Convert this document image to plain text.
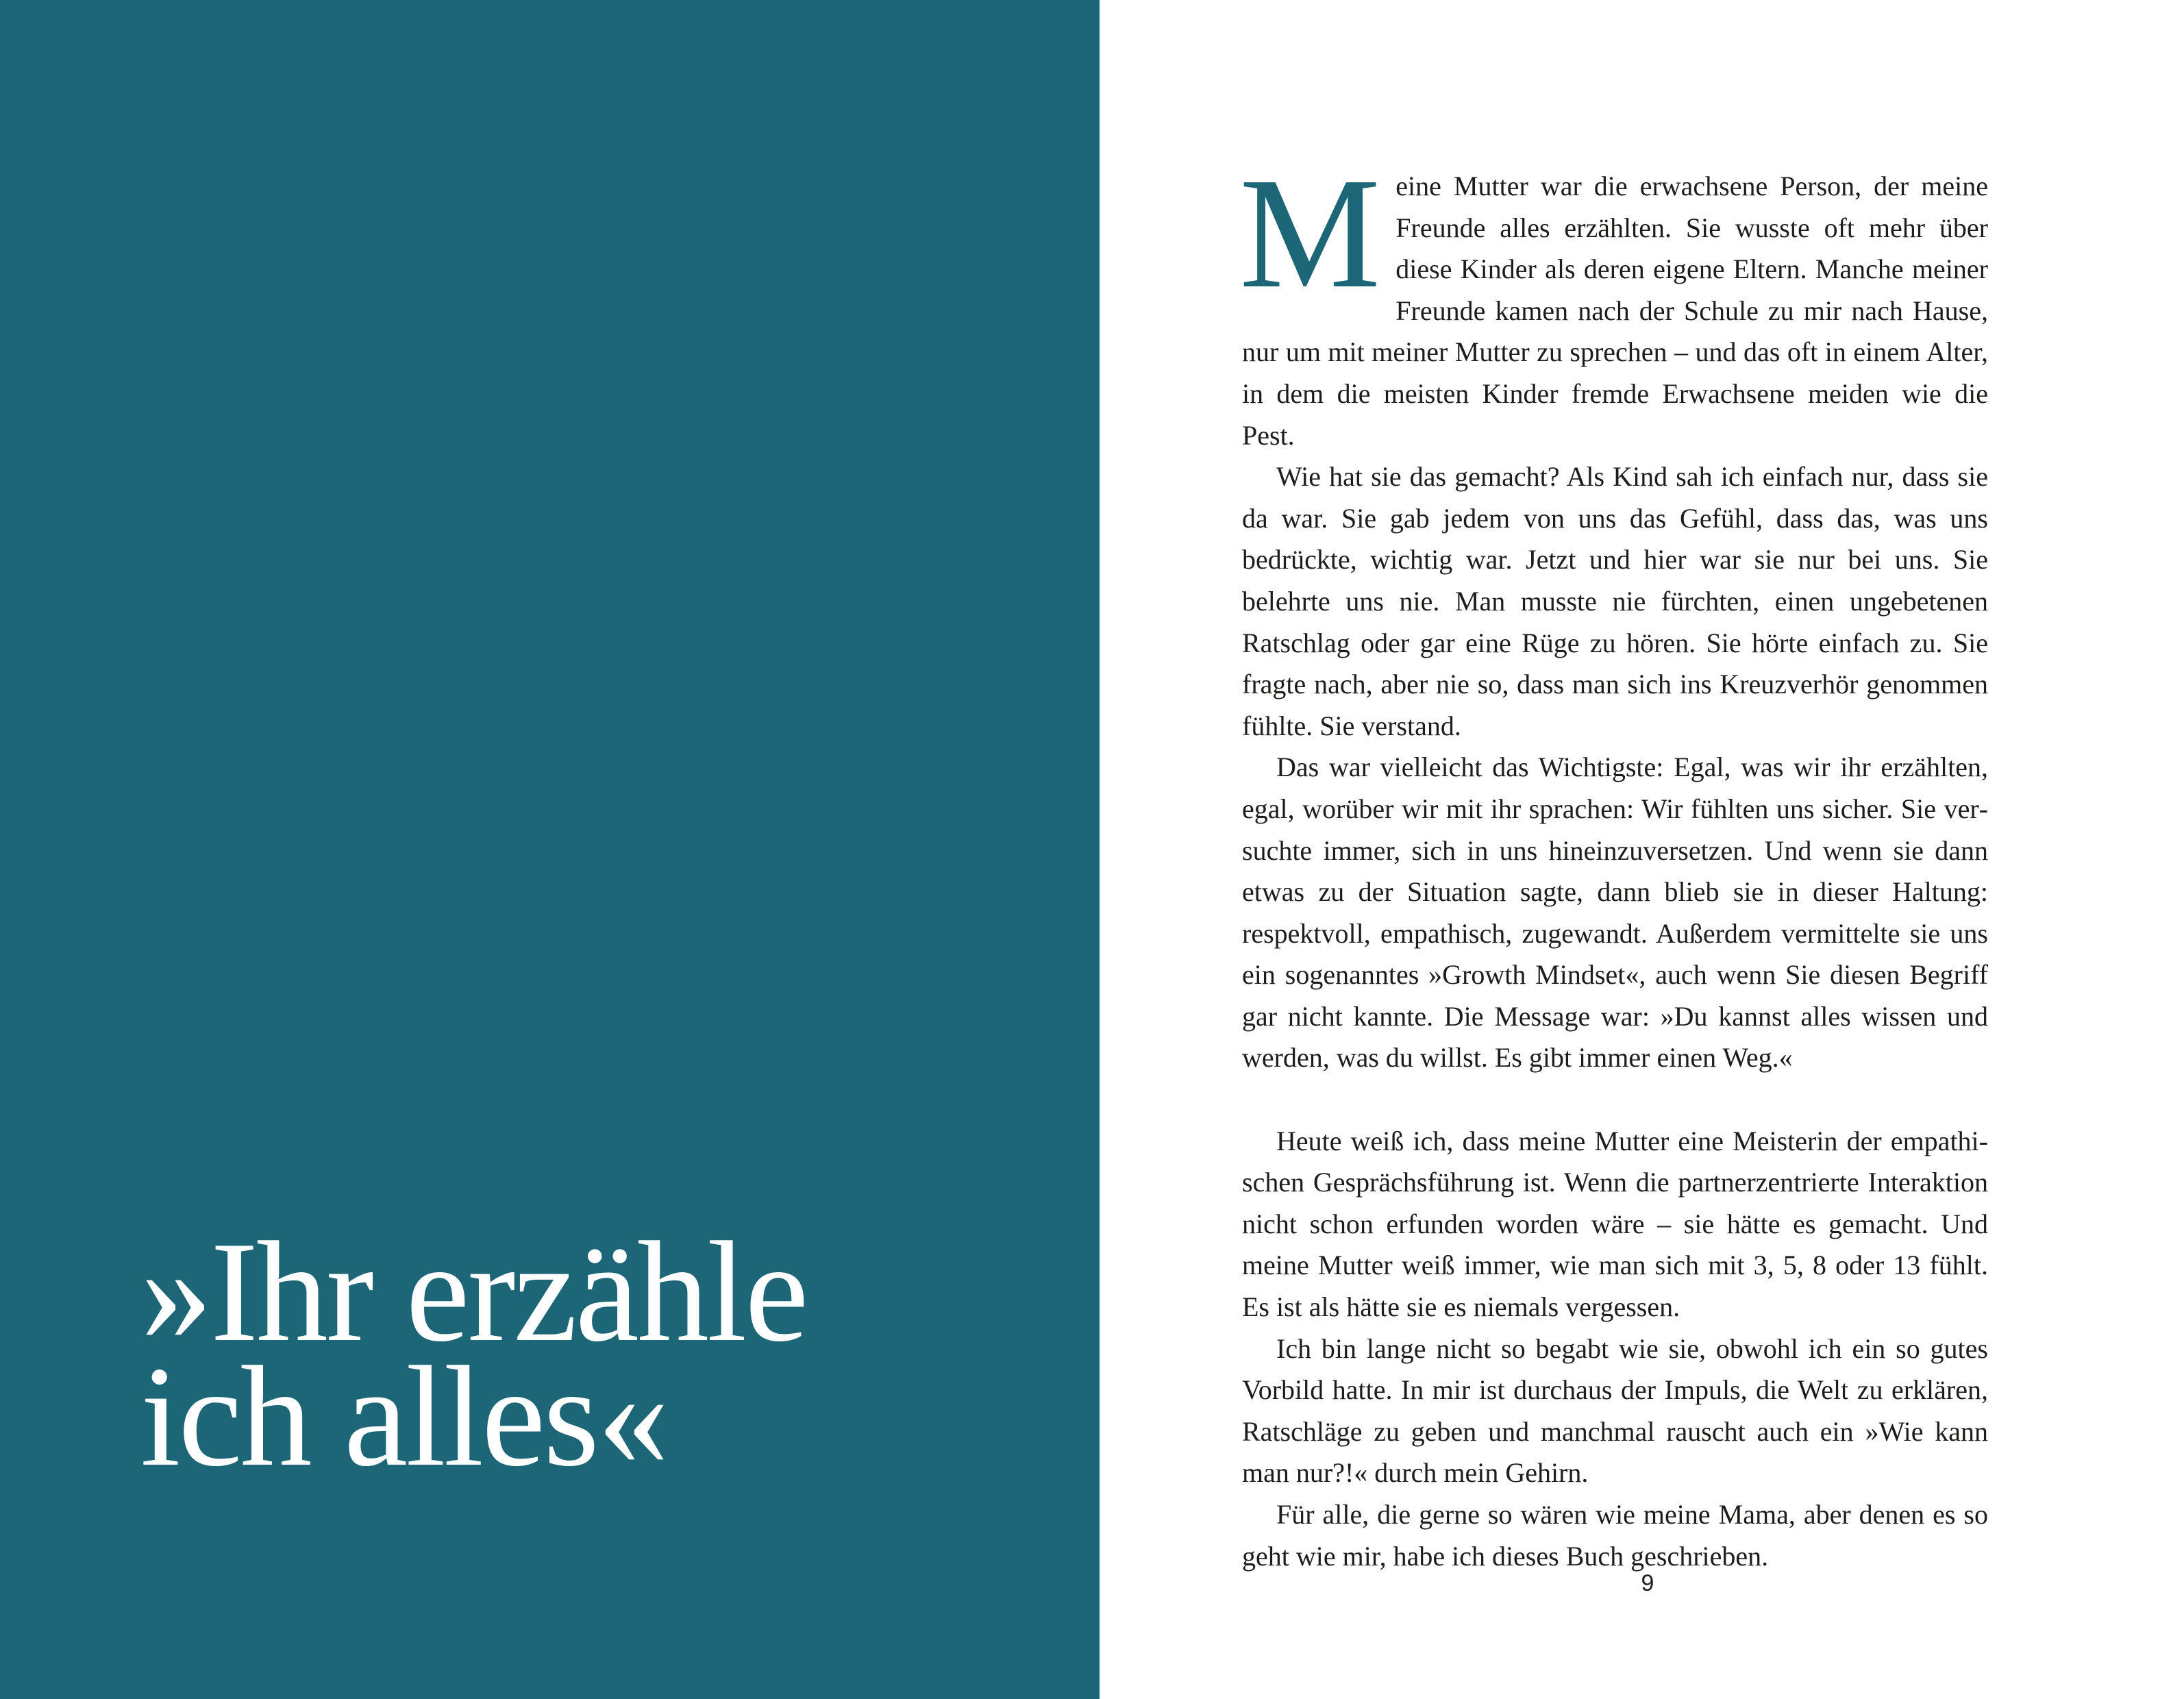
»Ihr erzähle
ich alles«

Meine Mutter war die erwachsene Person, der meine Freunde alles erzählten. Sie wusste oft mehr über diese Kinder als deren eigene Eltern. Manche meiner Freunde kamen nach der Schule zu mir nach Hause, nur um mit meiner Mutter zu sprechen – und das oft in einem Alter, in dem die meisten Kinder fremde Erwachsene meiden wie die Pest.

Wie hat sie das gemacht? Als Kind sah ich einfach nur, dass sie da war. Sie gab jedem von uns das Gefühl, dass das, was uns bedrückte, wichtig war. Jetzt und hier war sie nur bei uns. Sie belehrte uns nie. Man musste nie fürchten, einen ungebetenen Ratschlag oder gar eine Rüge zu hören. Sie hörte einfach zu. Sie fragte nach, aber nie so, dass man sich ins Kreuzverhör genommen fühlte. Sie verstand.

Das war vielleicht das Wichtigste: Egal, was wir ihr erzählten, egal, worüber wir mit ihr sprachen: Wir fühlten uns sicher. Sie versuchte immer, sich in uns hineinzuversetzen. Und wenn sie dann etwas zu der Situation sagte, dann blieb sie in dieser Haltung: respektvoll, empathisch, zugewandt. Außerdem vermittelte sie uns ein sogenanntes »Growth Mindset«, auch wenn Sie diesen Begriff gar nicht kannte. Die Message war: »Du kannst alles wissen und werden, was du willst. Es gibt immer einen Weg.«

Heute weiß ich, dass meine Mutter eine Meisterin der empathischen Gesprächsführung ist. Wenn die partnerzentrierte Interaktion nicht schon erfunden worden wäre – sie hätte es gemacht. Und meine Mutter weiß immer, wie man sich mit 3, 5, 8 oder 13 fühlt. Es ist als hätte sie es niemals vergessen.

Ich bin lange nicht so begabt wie sie, obwohl ich ein so gutes Vorbild hatte. In mir ist durchaus der Impuls, die Welt zu erklären, Ratschläge zu geben und manchmal rauscht auch ein »Wie kann man nur?!« durch mein Gehirn.

Für alle, die gerne so wären wie meine Mama, aber denen es so geht wie mir, habe ich dieses Buch geschrieben.

9
